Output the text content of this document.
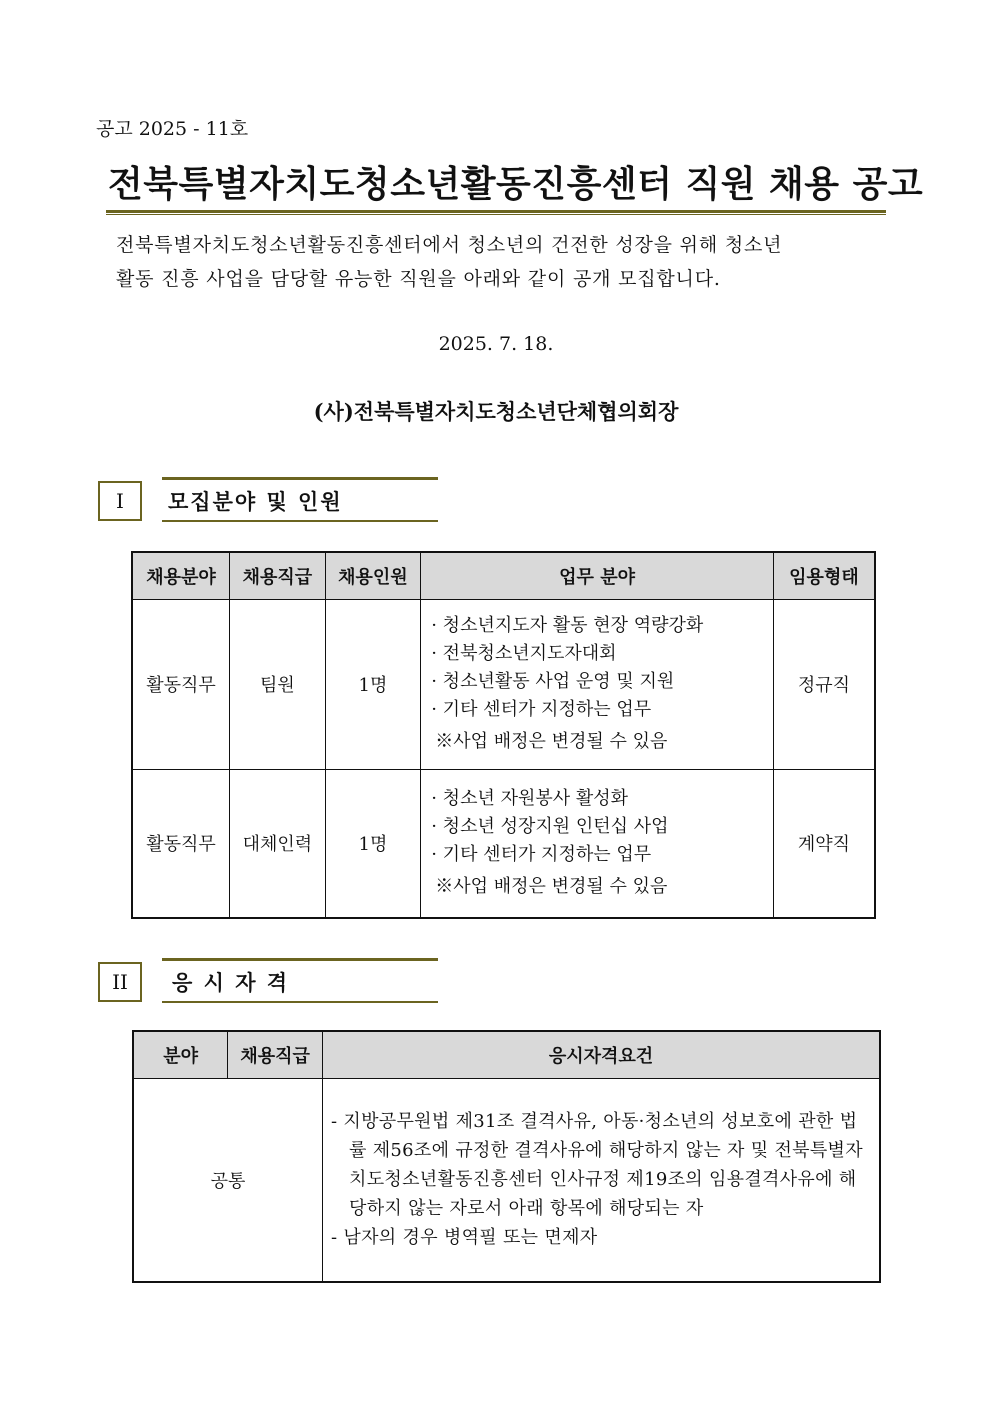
공고 2025 - 11호
전북특별자치도청소년활동진흥센터 직원 채용 공고
전북특별자치도청소년활동진흥센터에서 청소년의 건전한 성장을 위해 청소년
활동 진흥 사업을 담당할 유능한 직원을 아래와 같이 공개 모집합니다.
2025. 7. 18.
(사)전북특별자치도청소년단체협의회장
I 모집분야 및 인원
채용분야	채용직급	채용인원	업무 분야	임용형태
활동직무	팀원	1명	· 청소년지도자 활동 현장 역량강화
· 전북청소년지도자대회
· 청소년활동 사업 운영 및 지원
· 기타 센터가 지정하는 업무
※사업 배정은 변경될 수 있음	정규직
활동직무	대체인력	1명	· 청소년 자원봉사 활성화
· 청소년 성장지원 인턴십 사업
· 기타 센터가 지정하는 업무
※사업 배정은 변경될 수 있음	계약직
II 응 시 자 격
분야	채용직급	응시자격요건
공통		- 지방공무원법 제31조 결격사유, 아동·청소년의 성보호에 관한 법률 제56조에 규정한 결격사유에 해당하지 않는 자 및 전북특별자치도청소년활동진흥센터 인사규정 제19조의 임용결격사유에 해당하지 않는 자로서 아래 항목에 해당되는 자
- 남자의 경우 병역필 또는 면제자
